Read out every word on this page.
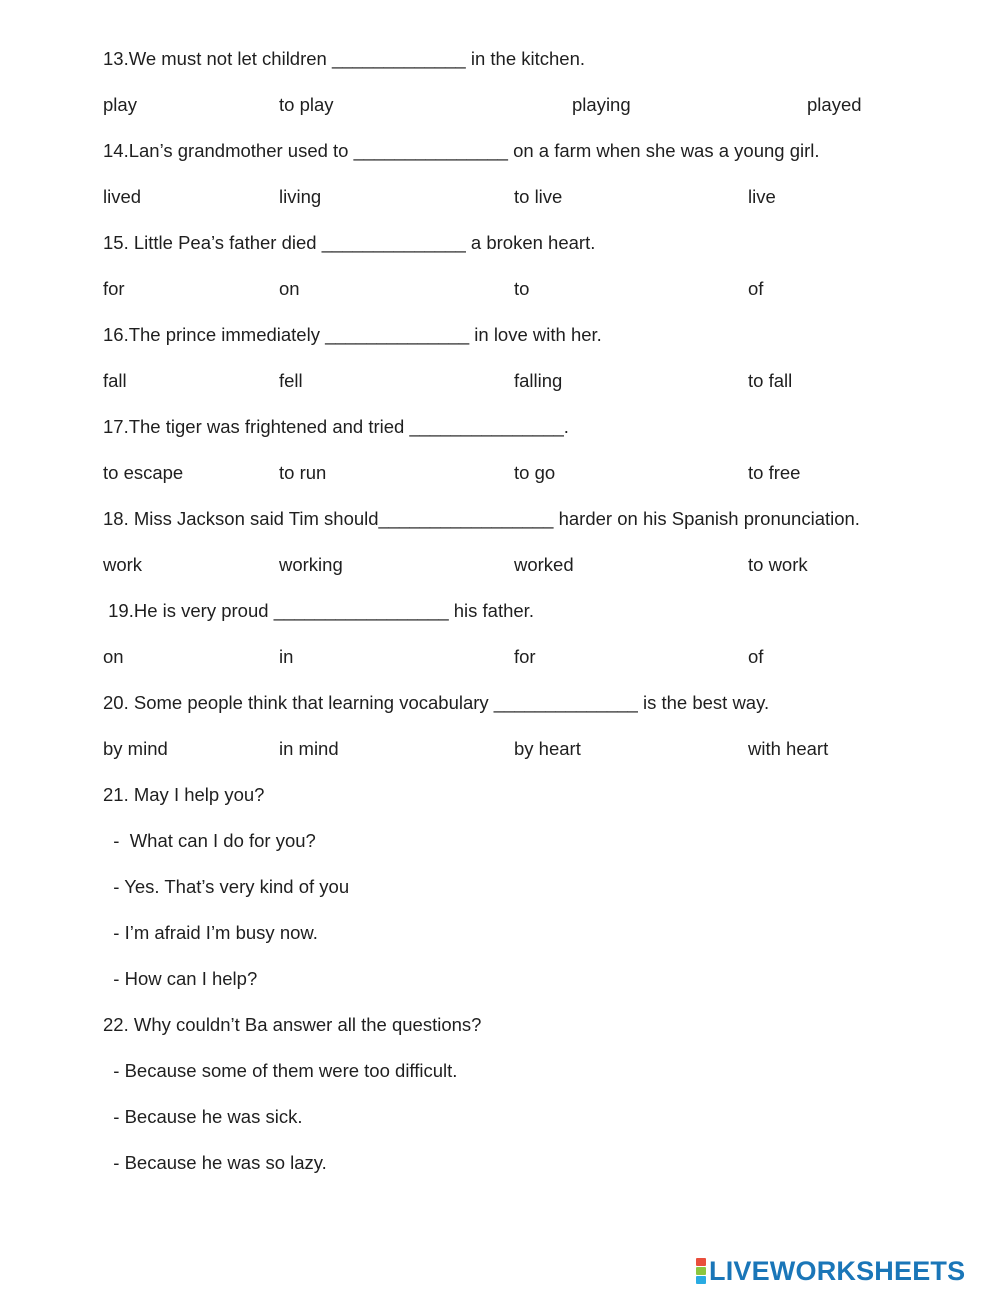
13.We must not let children _____________ in the kitchen.
play	to play	playing	played
14.Lan’s grandmother used to _______________ on a farm when she was a young girl.
lived	living	to live	live
15. Little Pea’s father died ______________ a broken heart.
for	on	to	of
16.The prince immediately ______________ in love with her.
fall	fell	falling	to fall
17.The tiger was frightened and tried _______________.
to escape	to run	to go	to free
18. Miss Jackson said Tim should_________________ harder on his Spanish pronunciation.
work	working	worked	to work
19.He is very proud _________________ his father.
on	in	for	of
20. Some people think that learning vocabulary ______________ is the best way.
by mind	in mind	by heart	with heart
21. May I help you?
-  What can I do for you?
- Yes. That’s very kind of you
- I’m afraid I’m busy now.
- How can I help?
22. Why couldn’t Ba answer all the questions?
- Because some of them were too difficult.
- Because he was sick.
- Because he was so lazy.
LIVEWORKSHEETS
